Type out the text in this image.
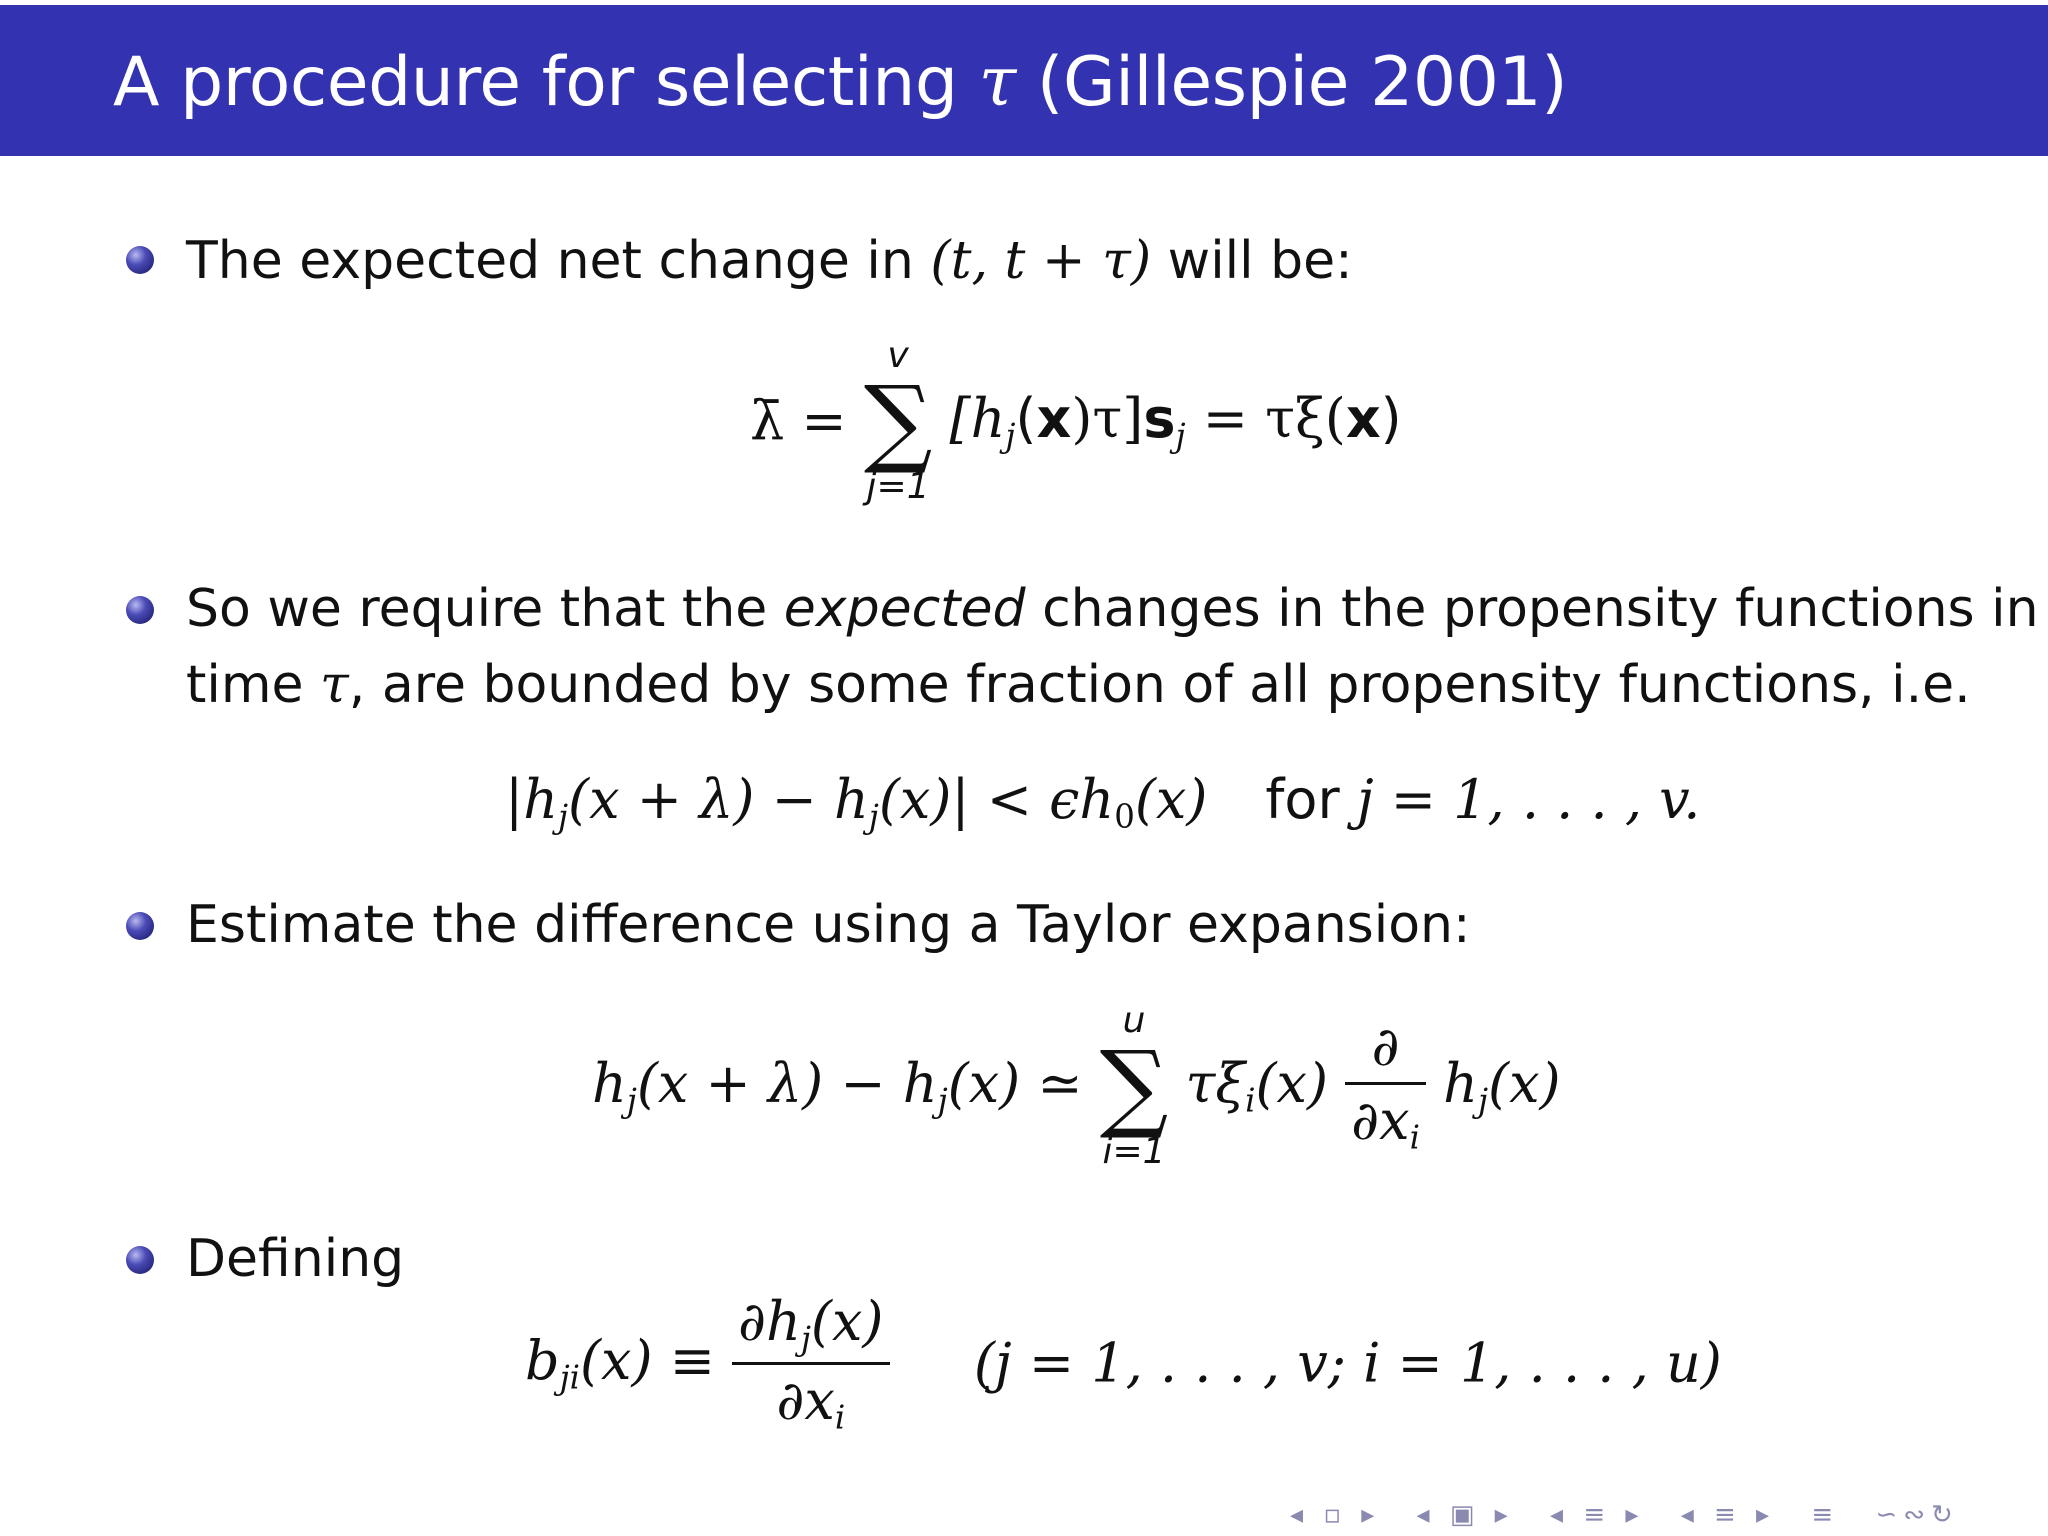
A procedure for selecting τ (Gillespie 2001)
The expected net change in (t, t + τ) will be:
λ̄ =
v
∑
j=1
$[h_j(x)\tau]s_j = \tau\xi(x)$
So we require that the expected changes in the propensity functions in
time τ, are bounded by some fraction of all propensity functions, i.e.
$|h_j(x + \lambda) - h_j(x)| < \epsilon h_0(x)$ for j = 1, . . . , v.
Estimate the difference using a Taylor expansion:
$h_j(x + \lambda) - h_j(x)$ ≃
u
∑
i=1
$\tau\xi_i(x) \frac{\partial}{\partial x_i} h_j(x)$
Defining
$b_{ji}(x) \equiv \frac{\partial h_j(x)}{\partial x_i} (j = 1$, . . . , v; i = 1, . . . , u)
◂ ▫ ▸ ◂ ▣ ▸ ◂ ≡ ▸ ◂ ≡ ▸ ≡ ∽∾↻
